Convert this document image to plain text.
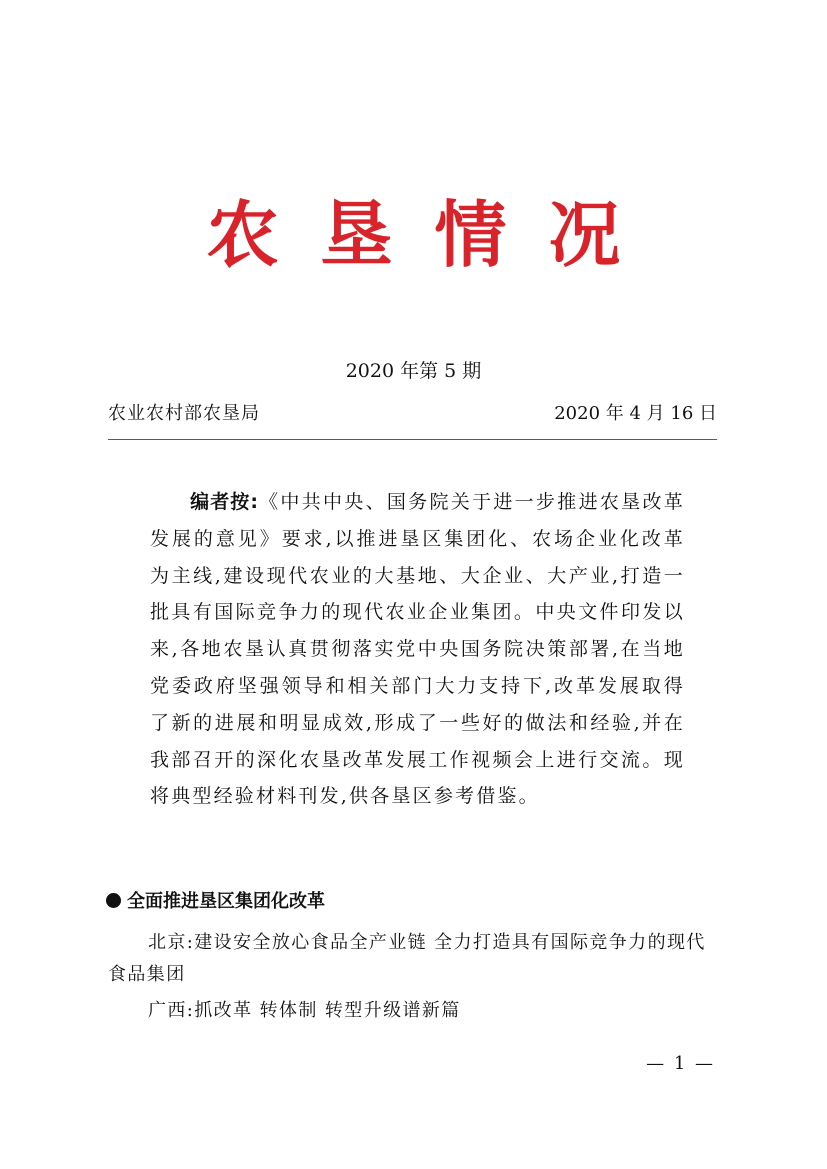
农垦情况
2020 年第 5 期
农业农村部农垦局	2020 年 4 月 16 日
编者按:《中共中央、国务院关于进一步推进农垦改革发展的意见》要求,以推进垦区集团化、农场企业化改革为主线,建设现代农业的大基地、大企业、大产业,打造一批具有国际竞争力的现代农业企业集团。中央文件印发以来,各地农垦认真贯彻落实党中央国务院决策部署,在当地党委政府坚强领导和相关部门大力支持下,改革发展取得了新的进展和明显成效,形成了一些好的做法和经验,并在我部召开的深化农垦改革发展工作视频会上进行交流。现将典型经验材料刊发,供各垦区参考借鉴。
全面推进垦区集团化改革
北京:建设安全放心食品全产业链 全力打造具有国际竞争力的现代食品集团
广西:抓改革 转体制 转型升级谱新篇
— 1 —
